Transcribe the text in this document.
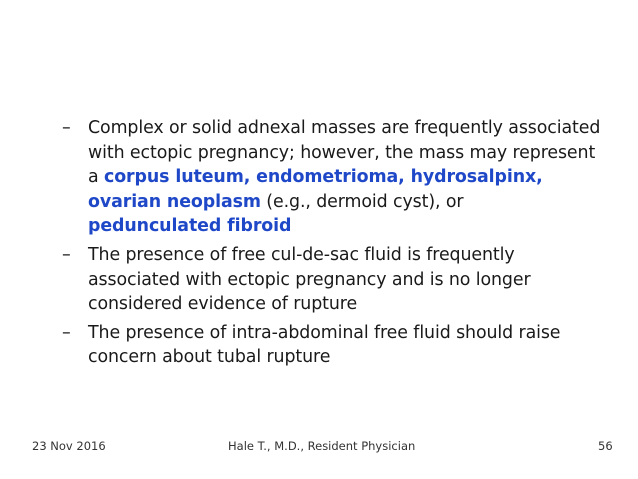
– Complex or solid adnexal masses are frequently associated with ectopic pregnancy; however, the mass may represent a corpus luteum, endometrioma, hydrosalpinx, ovarian neoplasm (e.g., dermoid cyst), or pedunculated fibroid
– The presence of free cul-de-sac fluid is frequently associated with ectopic pregnancy and is no longer considered evidence of rupture
– The presence of intra-abdominal free fluid should raise concern about tubal rupture
23 Nov 2016	Hale T., M.D., Resident Physician	56
